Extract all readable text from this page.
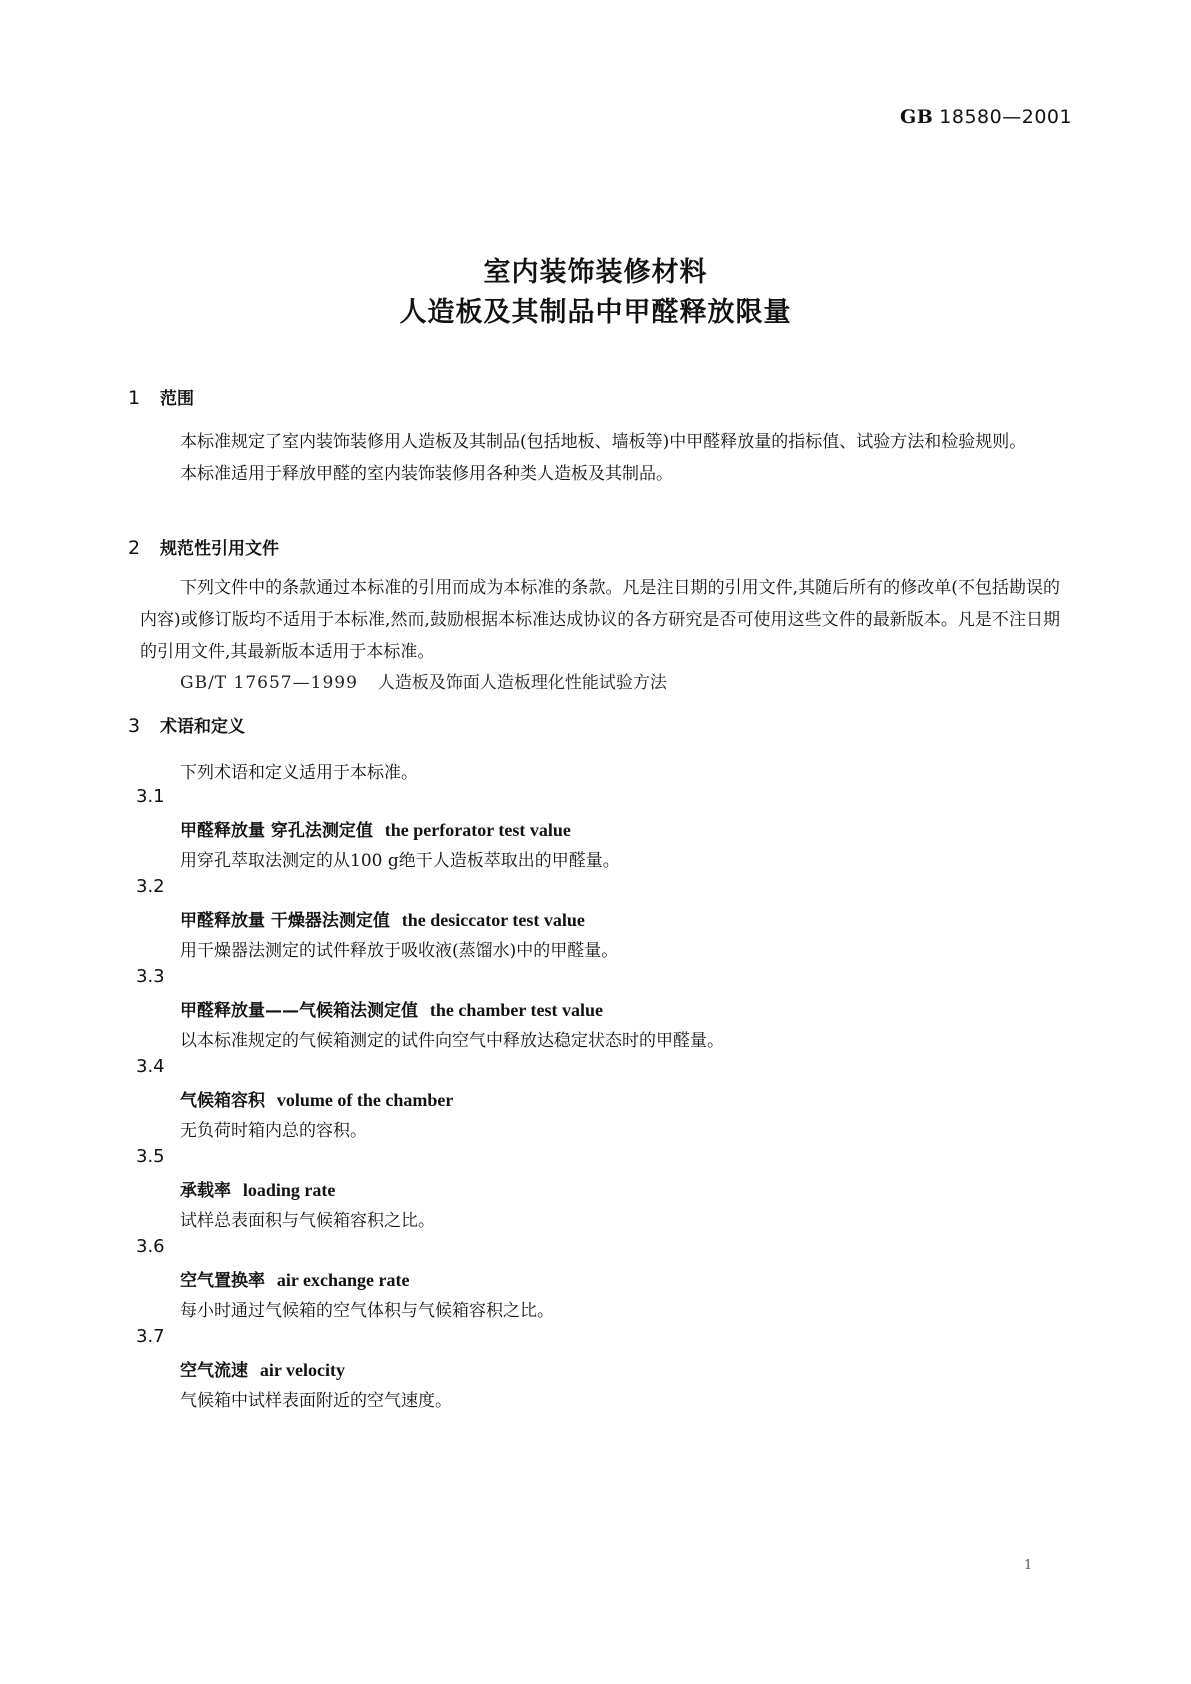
GB 18580—2001
室内装饰装修材料
人造板及其制品中甲醛释放限量
1 范围

本标准规定了室内装饰装修用人造板及其制品(包括地板、墙板等)中甲醛释放量的指标值、试验方法和检验规则。

本标准适用于释放甲醛的室内装饰装修用各种类人造板及其制品。

2 规范性引用文件

下列文件中的条款通过本标准的引用而成为本标准的条款。凡是注日期的引用文件,其随后所有的修改单(不包括勘误的内容)或修订版均不适用于本标准,然而,鼓励根据本标准达成协议的各方研究是否可使用这些文件的最新版本。凡是不注日期的引用文件,其最新版本适用于本标准。

GB/T 17657—1999 人造板及饰面人造板理化性能试验方法
3 术语和定义
下列术语和定义适用于本标准。
3.1
甲醛释放量 穿孔法测定值 the perforator test value
用穿孔萃取法测定的从100 g绝干人造板萃取出的甲醛量。
3.2
甲醛释放量 干燥器法测定值 the desiccator test value
用干燥器法测定的试件释放于吸收液(蒸馏水)中的甲醛量。
3.3
甲醛释放量——气候箱法测定值 the chamber test value
以本标准规定的气候箱测定的试件向空气中释放达稳定状态时的甲醛量。
3.4
气候箱容积 volume of the chamber
无负荷时箱内总的容积。
3.5
承载率 loading rate
试样总表面积与气候箱容积之比。
3.6
空气置换率 air exchange rate
每小时通过气候箱的空气体积与气候箱容积之比。
3.7
空气流速 air velocity
气候箱中试样表面附近的空气速度。
1
